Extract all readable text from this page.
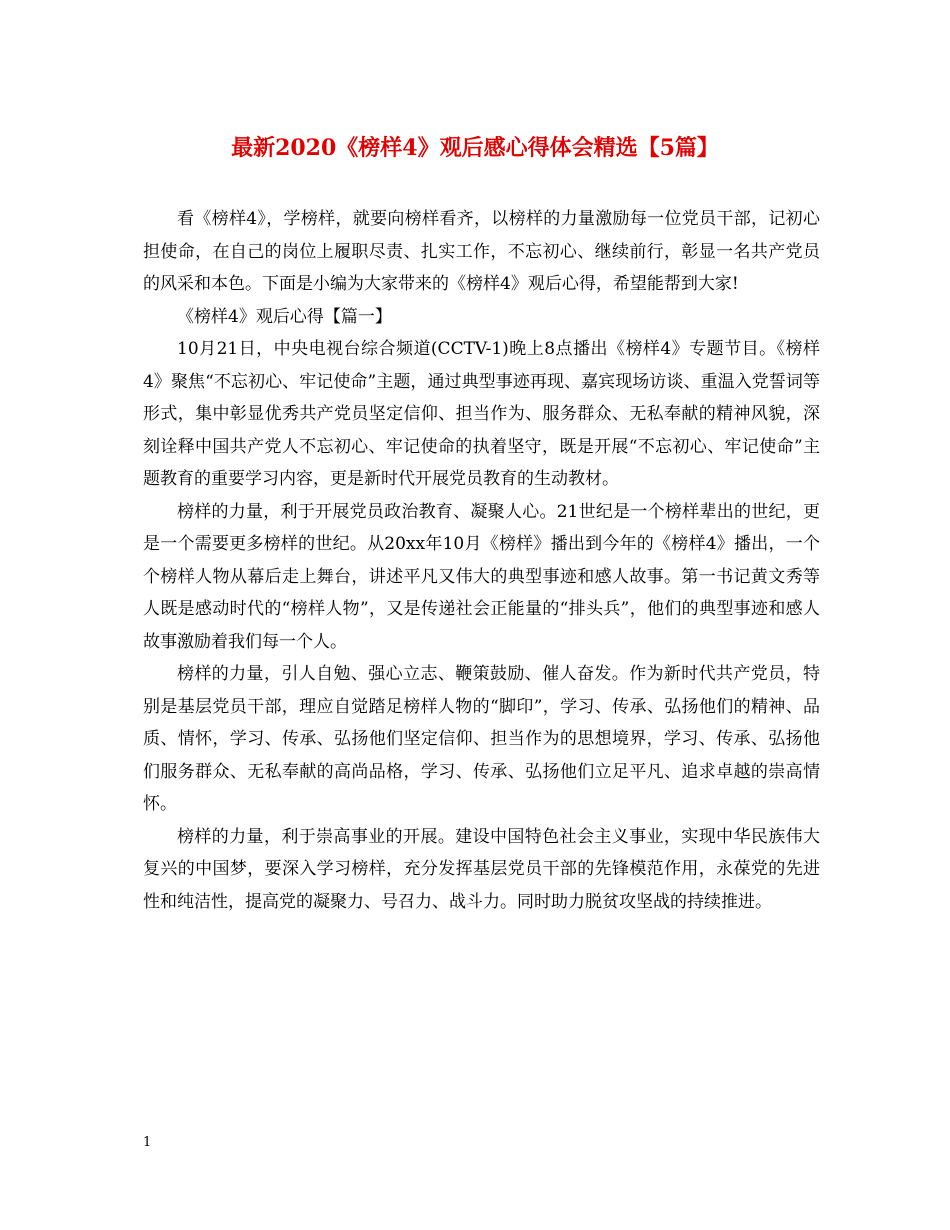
最新2020《榜样4》观后感心得体会精选【5篇】

看《榜样4》，学榜样，就要向榜样看齐，以榜样的力量激励每一位党员干部，记初心担使命，在自己的岗位上履职尽责、扎实工作，不忘初心、继续前行，彰显一名共产党员的风采和本色。下面是小编为大家带来的《榜样4》观后心得，希望能帮到大家!

《榜样4》观后心得【篇一】

10月21日，中央电视台综合频道(CCTV-1)晚上8点播出《榜样4》专题节目。《榜样4》聚焦“不忘初心、牢记使命”主题，通过典型事迹再现、嘉宾现场访谈、重温入党誓词等形式，集中彰显优秀共产党员坚定信仰、担当作为、服务群众、无私奉献的精神风貌，深刻诠释中国共产党人不忘初心、牢记使命的执着坚守，既是开展“不忘初心、牢记使命”主题教育的重要学习内容，更是新时代开展党员教育的生动教材。

榜样的力量，利于开展党员政治教育、凝聚人心。21世纪是一个榜样辈出的世纪，更是一个需要更多榜样的世纪。从20xx年10月《榜样》播出到今年的《榜样4》播出，一个个榜样人物从幕后走上舞台，讲述平凡又伟大的典型事迹和感人故事。第一书记黄文秀等人既是感动时代的“榜样人物”，又是传递社会正能量的“排头兵”，他们的典型事迹和感人故事激励着我们每一个人。

榜样的力量，引人自勉、强心立志、鞭策鼓励、催人奋发。作为新时代共产党员，特别是基层党员干部，理应自觉踏足榜样人物的“脚印”，学习、传承、弘扬他们的精神、品质、情怀，学习、传承、弘扬他们坚定信仰、担当作为的思想境界，学习、传承、弘扬他们服务群众、无私奉献的高尚品格，学习、传承、弘扬他们立足平凡、追求卓越的崇高情怀。

榜样的力量，利于崇高事业的开展。建设中国特色社会主义事业，实现中华民族伟大复兴的中国梦，要深入学习榜样，充分发挥基层党员干部的先锋模范作用，永葆党的先进性和纯洁性，提高党的凝聚力、号召力、战斗力。同时助力脱贫攻坚战的持续推进。

1
